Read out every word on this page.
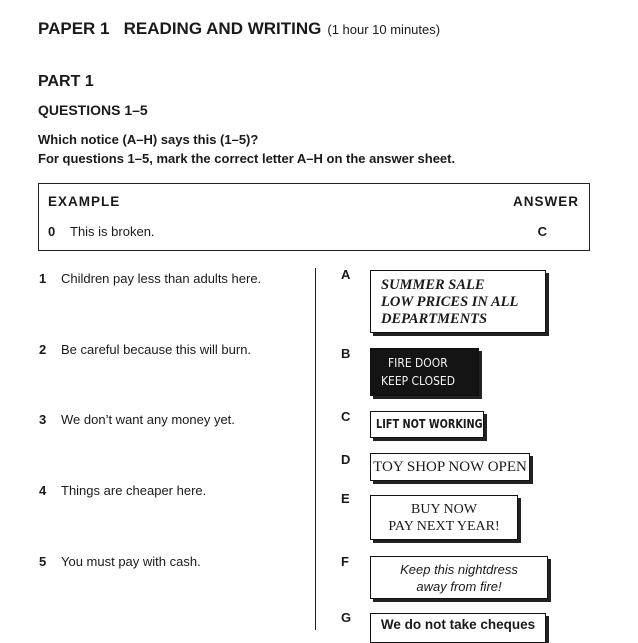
PAPER 1   READING AND WRITING (1 hour 10 minutes)
PART 1
QUESTIONS 1–5
Which notice (A–H) says this (1–5)?
For questions 1–5, mark the correct letter A–H on the answer sheet.
EXAMPLE	ANSWER
0 This is broken.	C
1 Children pay less than adults here.
2 Be careful because this will burn.
3 We don’t want any money yet.
4 Things are cheaper here.
5 You must pay with cash.
A
SUMMER SALE
LOW PRICES IN ALL
DEPARTMENTS
B
FIRE DOOR
KEEP CLOSED
C LIFT NOT WORKING
D TOY SHOP NOW OPEN
E
BUY NOW
PAY NEXT YEAR!
F
Keep this nightdress
away from fire!
G	We do not take cheques
